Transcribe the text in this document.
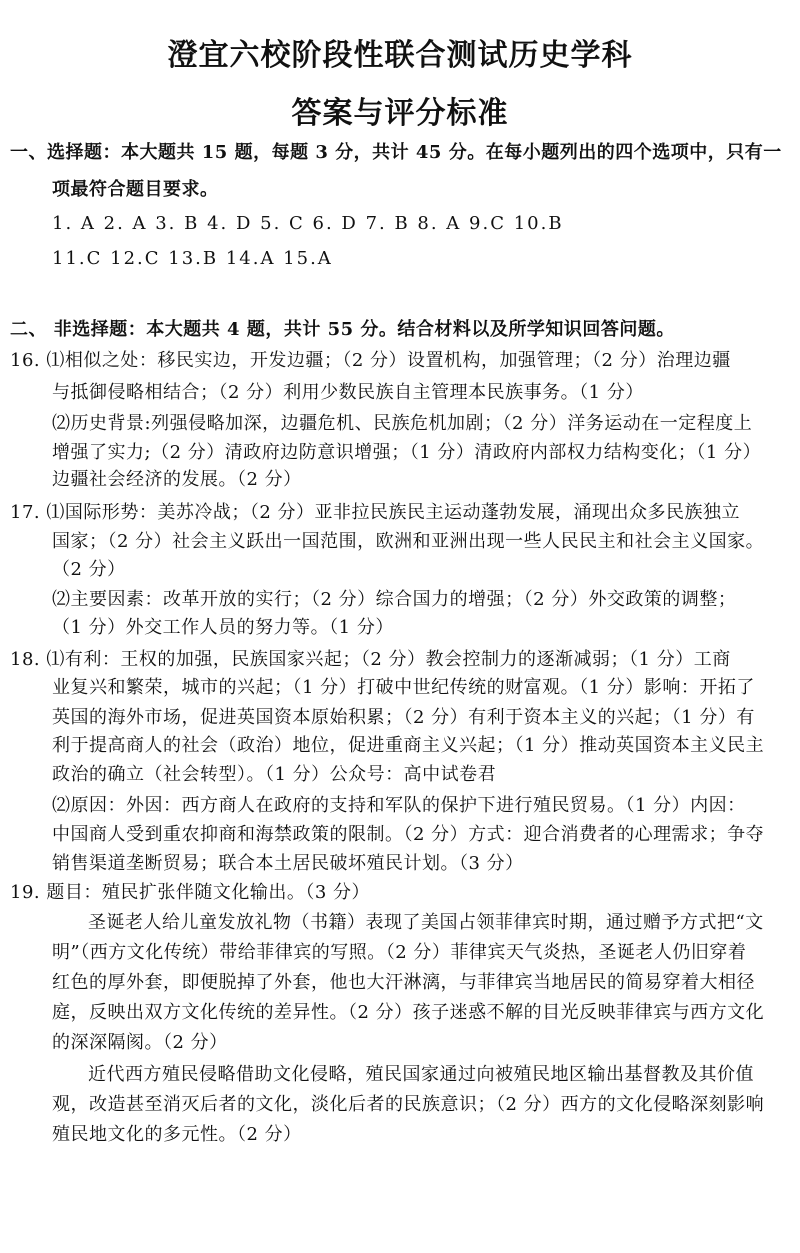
澄宜六校阶段性联合测试历史学科
答案与评分标准
一、选择题：本大题共 15 题，每题 3 分，共计 45 分。在每小题列出的四个选项中，只有一
项最符合题目要求。
1. A 2. A 3. B 4. D 5. C 6. D 7. B 8. A 9.C 10.B
11.C 12.C 13.B 14.A 15.A
二、 非选择题：本大题共 4 题，共计 55 分。结合材料以及所学知识回答问题。
16. ⑴相似之处：移民实边，开发边疆；（2 分）设置机构，加强管理；（2 分）治理边疆
与抵御侵略相结合；（2 分）利用少数民族自主管理本民族事务。（1 分）
⑵历史背景:列强侵略加深，边疆危机、民族危机加剧；（2 分）洋务运动在一定程度上
增强了实力;（2 分）清政府边防意识增强；（1 分）清政府内部权力结构变化；（1 分）
边疆社会经济的发展。（2 分）
17. ⑴国际形势：美苏冷战；（2 分）亚非拉民族民主运动蓬勃发展，涌现出众多民族独立
国家；（2 分）社会主义跃出一国范围，欧洲和亚洲出现一些人民民主和社会主义国家。
（2 分）
⑵主要因素：改革开放的实行；（2 分）综合国力的增强；（2 分）外交政策的调整；
（1 分）外交工作人员的努力等。（1 分）
18. ⑴有利：王权的加强，民族国家兴起；（2 分）教会控制力的逐渐减弱；（1 分）工商
业复兴和繁荣，城市的兴起；（1 分）打破中世纪传统的财富观。（1 分）影响：开拓了
英国的海外市场，促进英国资本原始积累；（2 分）有利于资本主义的兴起；（1 分）有
利于提高商人的社会（政治）地位，促进重商主义兴起；（1 分）推动英国资本主义民主
政治的确立（社会转型）。（1 分）公众号：高中试卷君
⑵原因：外因：西方商人在政府的支持和军队的保护下进行殖民贸易。（1 分）内因：
中国商人受到重农抑商和海禁政策的限制。（2 分）方式：迎合消费者的心理需求；争夺
销售渠道垄断贸易；联合本土居民破坏殖民计划。（3 分）
19. 题目：殖民扩张伴随文化输出。（3 分）
圣诞老人给儿童发放礼物（书籍）表现了美国占领菲律宾时期，通过赠予方式把“文
明”（西方文化传统）带给菲律宾的写照。（2 分）菲律宾天气炎热，圣诞老人仍旧穿着
红色的厚外套，即便脱掉了外套，他也大汗淋漓，与菲律宾当地居民的简易穿着大相径
庭，反映出双方文化传统的差异性。（2 分）孩子迷惑不解的目光反映菲律宾与西方文化
的深深隔阂。（2 分）
近代西方殖民侵略借助文化侵略，殖民国家通过向被殖民地区输出基督教及其价值
观，改造甚至消灭后者的文化，淡化后者的民族意识；（2 分）西方的文化侵略深刻影响
殖民地文化的多元性。（2 分）
